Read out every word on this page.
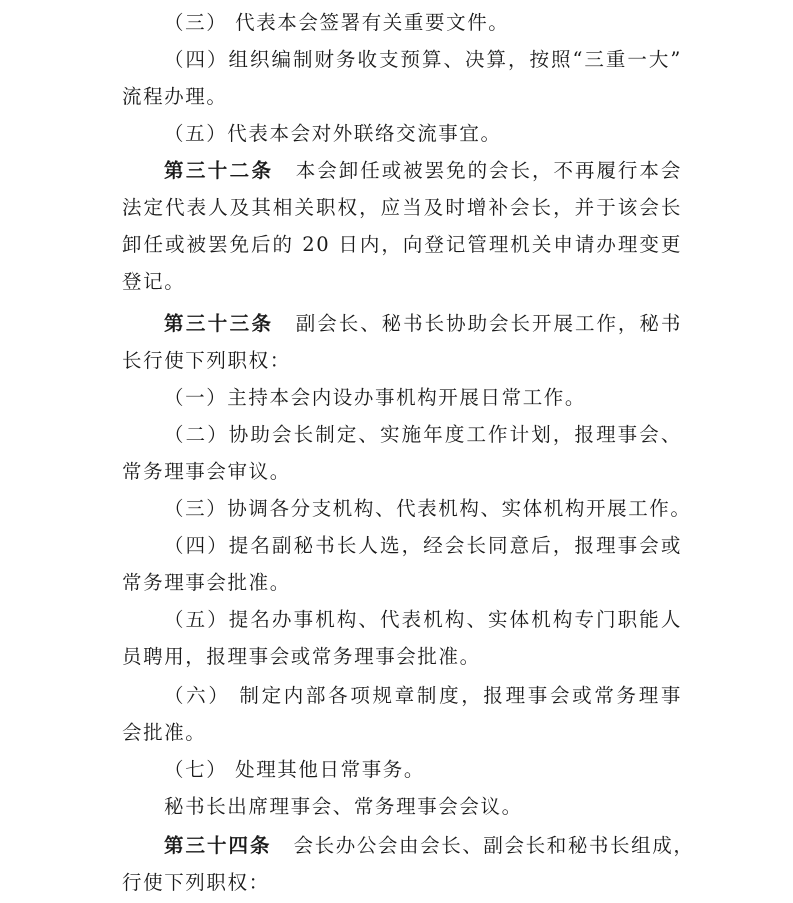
（三） 代表本会签署有关重要文件。
（四）组织编制财务收支预算、决算，按照“三重一大”
流程办理。
（五）代表本会对外联络交流事宜。
第三十二条 本会卸任或被罢免的会长，不再履行本会
法定代表人及其相关职权，应当及时增补会长，并于该会长
卸任或被罢免后的 20 日内，向登记管理机关申请办理变更
登记。
第三十三条 副会长、秘书长协助会长开展工作，秘书
长行使下列职权：
（一）主持本会内设办事机构开展日常工作。
（二）协助会长制定、实施年度工作计划，报理事会、
常务理事会审议。
（三）协调各分支机构、代表机构、实体机构开展工作。
（四）提名副秘书长人选，经会长同意后，报理事会或
常务理事会批准。
（五）提名办事机构、代表机构、实体机构专门职能人
员聘用，报理事会或常务理事会批准。
（六） 制定内部各项规章制度，报理事会或常务理事
会批准。
（七） 处理其他日常事务。
秘书长出席理事会、常务理事会会议。
第三十四条 会长办公会由会长、副会长和秘书长组成，
行使下列职权：
